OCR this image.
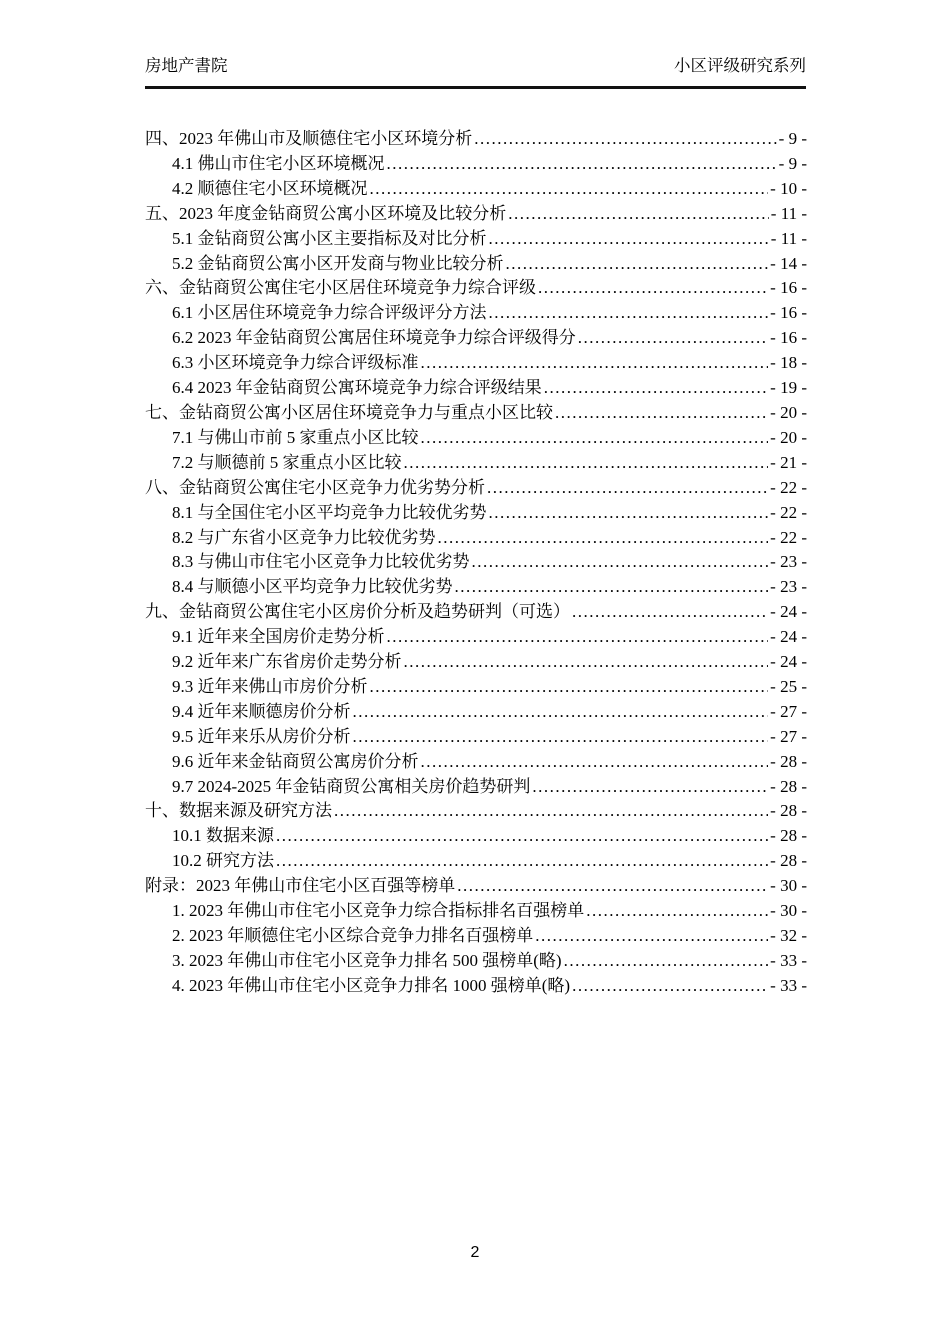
房地产書院	小区评级研究系列
四、2023 年佛山市及顺德住宅小区环境分析 .....	- 9 -
4.1 佛山市住宅小区环境概况 .....	- 9 -
4.2 顺德住宅小区环境概况 .....	- 10 -
五、2023 年度金钻商贸公寓小区环境及比较分析 .....	- 11 -
5.1 金钻商贸公寓小区主要指标及对比分析 .....	- 11 -
5.2 金钻商贸公寓小区开发商与物业比较分析 .....	- 14 -
六、金钻商贸公寓住宅小区居住环境竞争力综合评级 .....	- 16 -
6.1 小区居住环境竞争力综合评级评分方法 .....	- 16 -
6.2 2023 年金钻商贸公寓居住环境竞争力综合评级得分 .....	- 16 -
6.3 小区环境竞争力综合评级标准 .....	- 18 -
6.4 2023 年金钻商贸公寓环境竞争力综合评级结果 .....	- 19 -
七、金钻商贸公寓小区居住环境竞争力与重点小区比较 .....	- 20 -
7.1 与佛山市前 5 家重点小区比较 .....	- 20 -
7.2 与顺德前 5 家重点小区比较 .....	- 21 -
八、金钻商贸公寓住宅小区竞争力优劣势分析 .....	- 22 -
8.1 与全国住宅小区平均竞争力比较优劣势 .....	- 22 -
8.2 与广东省小区竞争力比较优劣势 .....	- 22 -
8.3 与佛山市住宅小区竞争力比较优劣势 .....	- 23 -
8.4 与顺德小区平均竞争力比较优劣势 .....	- 23 -
九、金钻商贸公寓住宅小区房价分析及趋势研判（可选） .....	- 24 -
9.1 近年来全国房价走势分析 .....	- 24 -
9.2 近年来广东省房价走势分析 .....	- 24 -
9.3 近年来佛山市房价分析 .....	- 25 -
9.4 近年来顺德房价分析 .....	- 27 -
9.5 近年来乐从房价分析 .....	- 27 -
9.6 近年来金钻商贸公寓房价分析 .....	- 28 -
9.7 2024-2025 年金钻商贸公寓相关房价趋势研判 .....	- 28 -
十、数据来源及研究方法 .....	- 28 -
10.1 数据来源 .....	- 28 -
10.2 研究方法 .....	- 28 -
附录：2023 年佛山市住宅小区百强等榜单 .....	- 30 -
1. 2023 年佛山市住宅小区竞争力综合指标排名百强榜单 .....	- 30 -
2. 2023 年顺德住宅小区综合竞争力排名百强榜单 .....	- 32 -
3. 2023 年佛山市住宅小区竞争力排名 500 强榜单(略) .....	- 33 -
4. 2023 年佛山市住宅小区竞争力排名 1000 强榜单(略) .....	- 33 -
2
